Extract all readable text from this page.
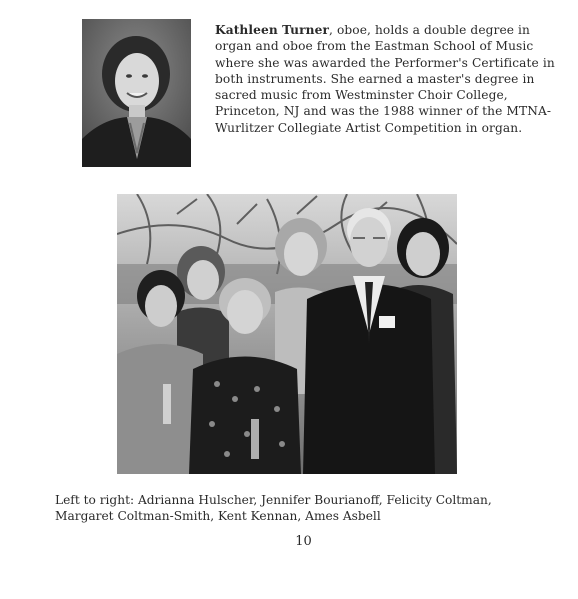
Kathleen Turner, oboe, holds a double degree in organ and oboe from the Eastman School of Music where she was awarded the Performer's Certificate in both instruments. She earned a master's degree in sacred music from Westminster Choir College, Princeton, NJ and was the 1988 winner of the MTNA-Wurlitzer Collegiate Artist Competition in organ.

Left to right: Adrianna Hulscher, Jennifer Bourianoff, Felicity Coltman, Margaret Coltman-Smith, Kent Kennan, Ames Asbell

10
